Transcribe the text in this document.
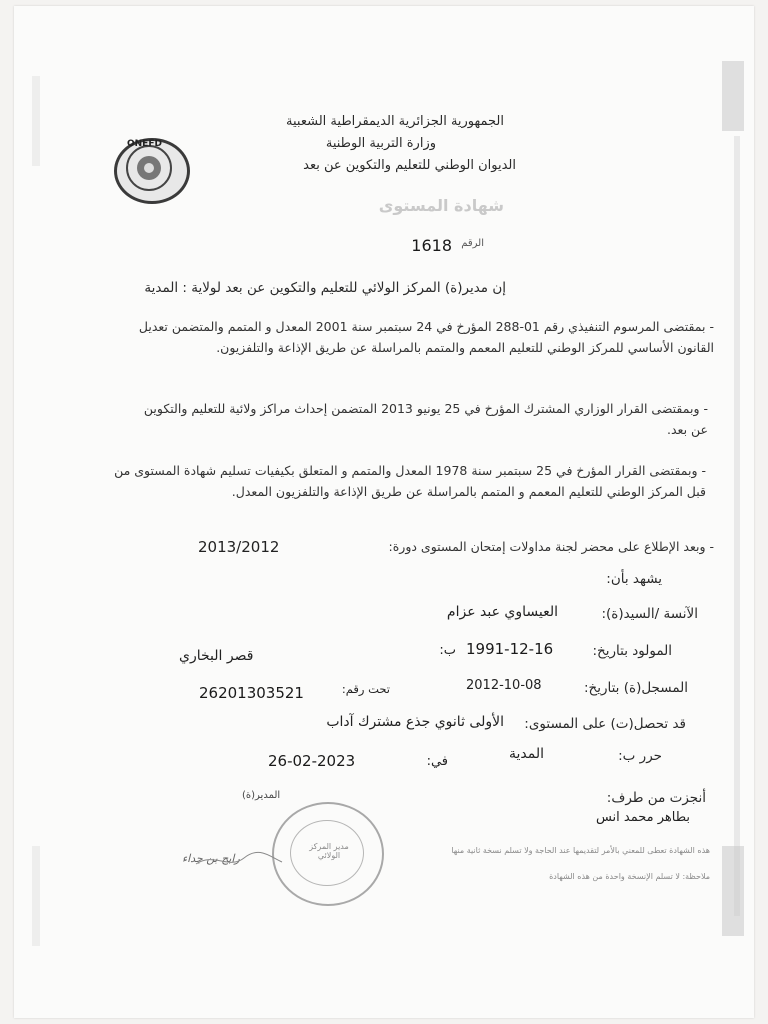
الجمهورية الجزائرية الديمقراطية الشعبية
وزارة التربية الوطنية
الديوان الوطني للتعليم والتكوين عن بعد
شهادة المستوى
ONEFD
الرقم
1618
إن مدير(ة) المركز الولائي للتعليم والتكوين عن بعد لولاية : المدية
- بمقتضى المرسوم التنفيذي رقم 01-288 المؤرخ في 24 سبتمبر سنة 2001 المعدل و المتمم والمتضمن تعديل القانون الأساسي للمركز الوطني للتعليم المعمم والمتمم بالمراسلة عن طريق الإذاعة والتلفزيون.
- وبمقتضى القرار الوزاري المشترك المؤرخ في 25 يونيو 2013 المتضمن إحداث مراكز ولائية للتعليم والتكوين عن بعد.
- وبمقتضى القرار المؤرخ في 25 سبتمبر سنة 1978 المعدل والمتمم و المتعلق بكيفيات تسليم شهادة المستوى من قبل المركز الوطني للتعليم المعمم و المتمم بالمراسلة عن طريق الإذاعة والتلفزيون المعدل.
- وبعد الإطلاع على محضر لجنة مداولات إمتحان المستوى دورة:
2013/2012
يشهد بأن:
الآنسة /السيد(ة):
العيساوي عبد عزام
المولود بتاريخ:
ب: 1991-12-16
قصر البخاري
المسجل(ة) بتاريخ:
2012-10-08
تحت رقم:
26201303521
قد تحصل(ت) على المستوى:
الأولى ثانوي جذع مشترك آداب
حرر ب:
المدية
في:
26-02-2023
أنجزت من طرف:
بطاهر محمد انس
المدير(ة)
مدير المركز الولائي
رابح بن جداء
هذه الشهادة تعطى للمعني بالأمر لتقديمها عند الحاجة ولا تسلم نسخة ثانية منها
ملاحظة: لا تسلم الإنسخة واحدة من هذه الشهادة
